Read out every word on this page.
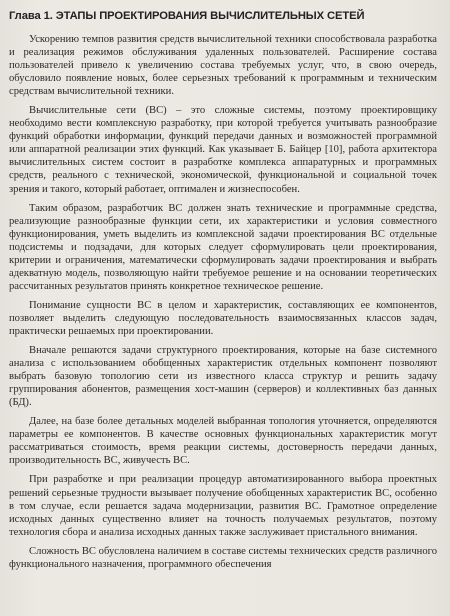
Глава 1. ЭТАПЫ ПРОЕКТИРОВАНИЯ ВЫЧИСЛИТЕЛЬНЫХ СЕТЕЙ

Ускорению темпов развития средств вычислительной техники способствовала разработка и реализация режимов обслуживания удаленных пользователей. Расширение состава пользователей привело к увеличению состава требуемых услуг, что, в свою очередь, обусловило появление новых, более серьезных требований к программным и техническим средствам вычислительной техники.

Вычислительные сети (ВС) – это сложные системы, поэтому проектировщику необходимо вести комплексную разработку, при которой требуется учитывать разнообразие функций обработки информации, функций передачи данных и возможностей программной или аппаратной реализации этих функций. Как указывает Б. Байцер [10], работа архитектора вычислительных систем состоит в разработке комплекса аппаратурных и программных средств, реального с технической, экономической, функциональной и социальной точек зрения и такого, который работает, оптимален и жизнеспособен.

Таким образом, разработчик ВС должен знать технические и программные средства, реализующие разнообразные функции сети, их характеристики и условия совместного функционирования, уметь выделить из комплексной задачи проектирования ВС отдельные подсистемы и подзадачи, для которых следует сформулировать цели проектирования, критерии и ограничения, математически сформулировать задачи проектирования и выбрать адекватную модель, позволяющую найти требуемое решение и на основании теоретических рассчитанных результатов принять конкретное техническое решение.

Понимание сущности ВС в целом и характеристик, составляющих ее компонентов, позволяет выделить следующую последовательность взаимосвязанных классов задач, практически решаемых при проектировании.

Вначале решаются задачи структурного проектирования, которые на базе системного анализа с использованием обобщенных характеристик отдельных компонент позволяют выбрать базовую топологию сети из известного класса структур и решить задачу группирования абонентов, размещения хост-машин (серверов) и коллективных баз данных (БД).

Далее, на базе более детальных моделей выбранная топология уточняется, определяются параметры ее компонентов. В качестве основных функциональных характеристик могут рассматриваться стоимость, время реакции системы, достоверность передачи данных, производительность ВС, живучесть ВС.

При разработке и при реализации процедур автоматизированного выбора проектных решений серьезные трудности вызывает получение обобщенных характеристик ВС, особенно в том случае, если решается задача модернизации, развития ВС. Грамотное определение исходных данных существенно влияет на точность получаемых результатов, поэтому технология сбора и анализа исходных данных также заслуживает пристального внимания.

Сложность ВС обусловлена наличием в составе системы технических средств различного функционального назначения, программного обеспечения
